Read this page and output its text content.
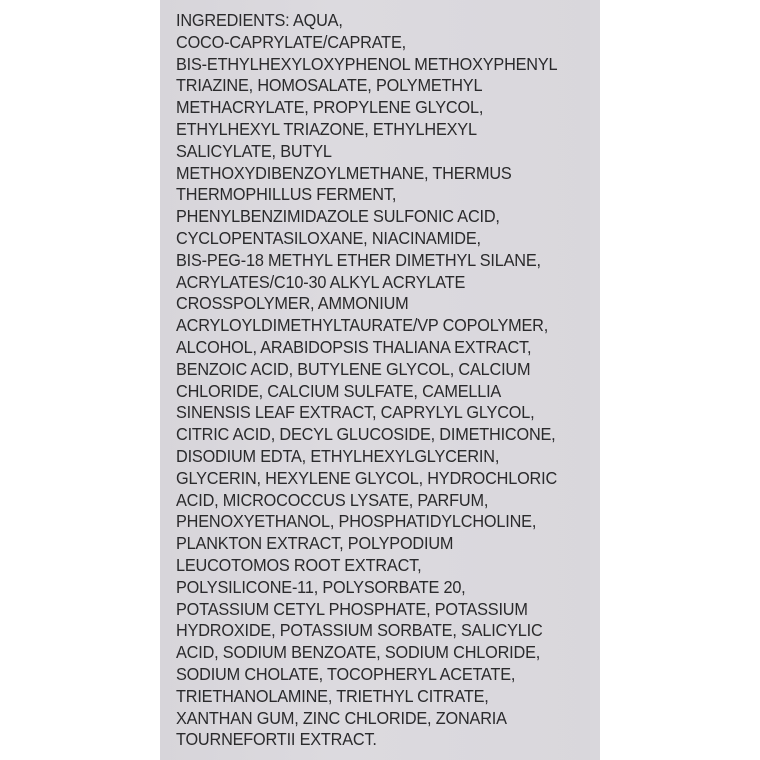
INGREDIENTS: AQUA,
COCO-CAPRYLATE/CAPRATE,
BIS-ETHYLHEXYLOXYPHENOL METHOXYPHENYL
TRIAZINE, HOMOSALATE, POLYMETHYL
METHACRYLATE, PROPYLENE GLYCOL,
ETHYLHEXYL TRIAZONE, ETHYLHEXYL
SALICYLATE, BUTYL
METHOXYDIBENZOYLMETHANE, THERMUS
THERMOPHILLUS FERMENT,
PHENYLBENZIMIDAZOLE SULFONIC ACID,
CYCLOPENTASILOXANE, NIACINAMIDE,
BIS-PEG-18 METHYL ETHER DIMETHYL SILANE,
ACRYLATES/C10-30 ALKYL ACRYLATE
CROSSPOLYMER, AMMONIUM
ACRYLOYLDIMETHYLTAURATE/VP COPOLYMER,
ALCOHOL, ARABIDOPSIS THALIANA EXTRACT,
BENZOIC ACID, BUTYLENE GLYCOL, CALCIUM
CHLORIDE, CALCIUM SULFATE, CAMELLIA
SINENSIS LEAF EXTRACT, CAPRYLYL GLYCOL,
CITRIC ACID, DECYL GLUCOSIDE, DIMETHICONE,
DISODIUM EDTA, ETHYLHEXYLGLYCERIN,
GLYCERIN, HEXYLENE GLYCOL, HYDROCHLORIC
ACID, MICROCOCCUS LYSATE, PARFUM,
PHENOXYETHANOL, PHOSPHATIDYLCHOLINE,
PLANKTON EXTRACT, POLYPODIUM
LEUCOTOMOS ROOT EXTRACT,
POLYSILICONE-11, POLYSORBATE 20,
POTASSIUM CETYL PHOSPHATE, POTASSIUM
HYDROXIDE, POTASSIUM SORBATE, SALICYLIC
ACID, SODIUM BENZOATE, SODIUM CHLORIDE,
SODIUM CHOLATE, TOCOPHERYL ACETATE,
TRIETHANOLAMINE, TRIETHYL CITRATE,
XANTHAN GUM, ZINC CHLORIDE, ZONARIA
TOURNEFORTII EXTRACT.
